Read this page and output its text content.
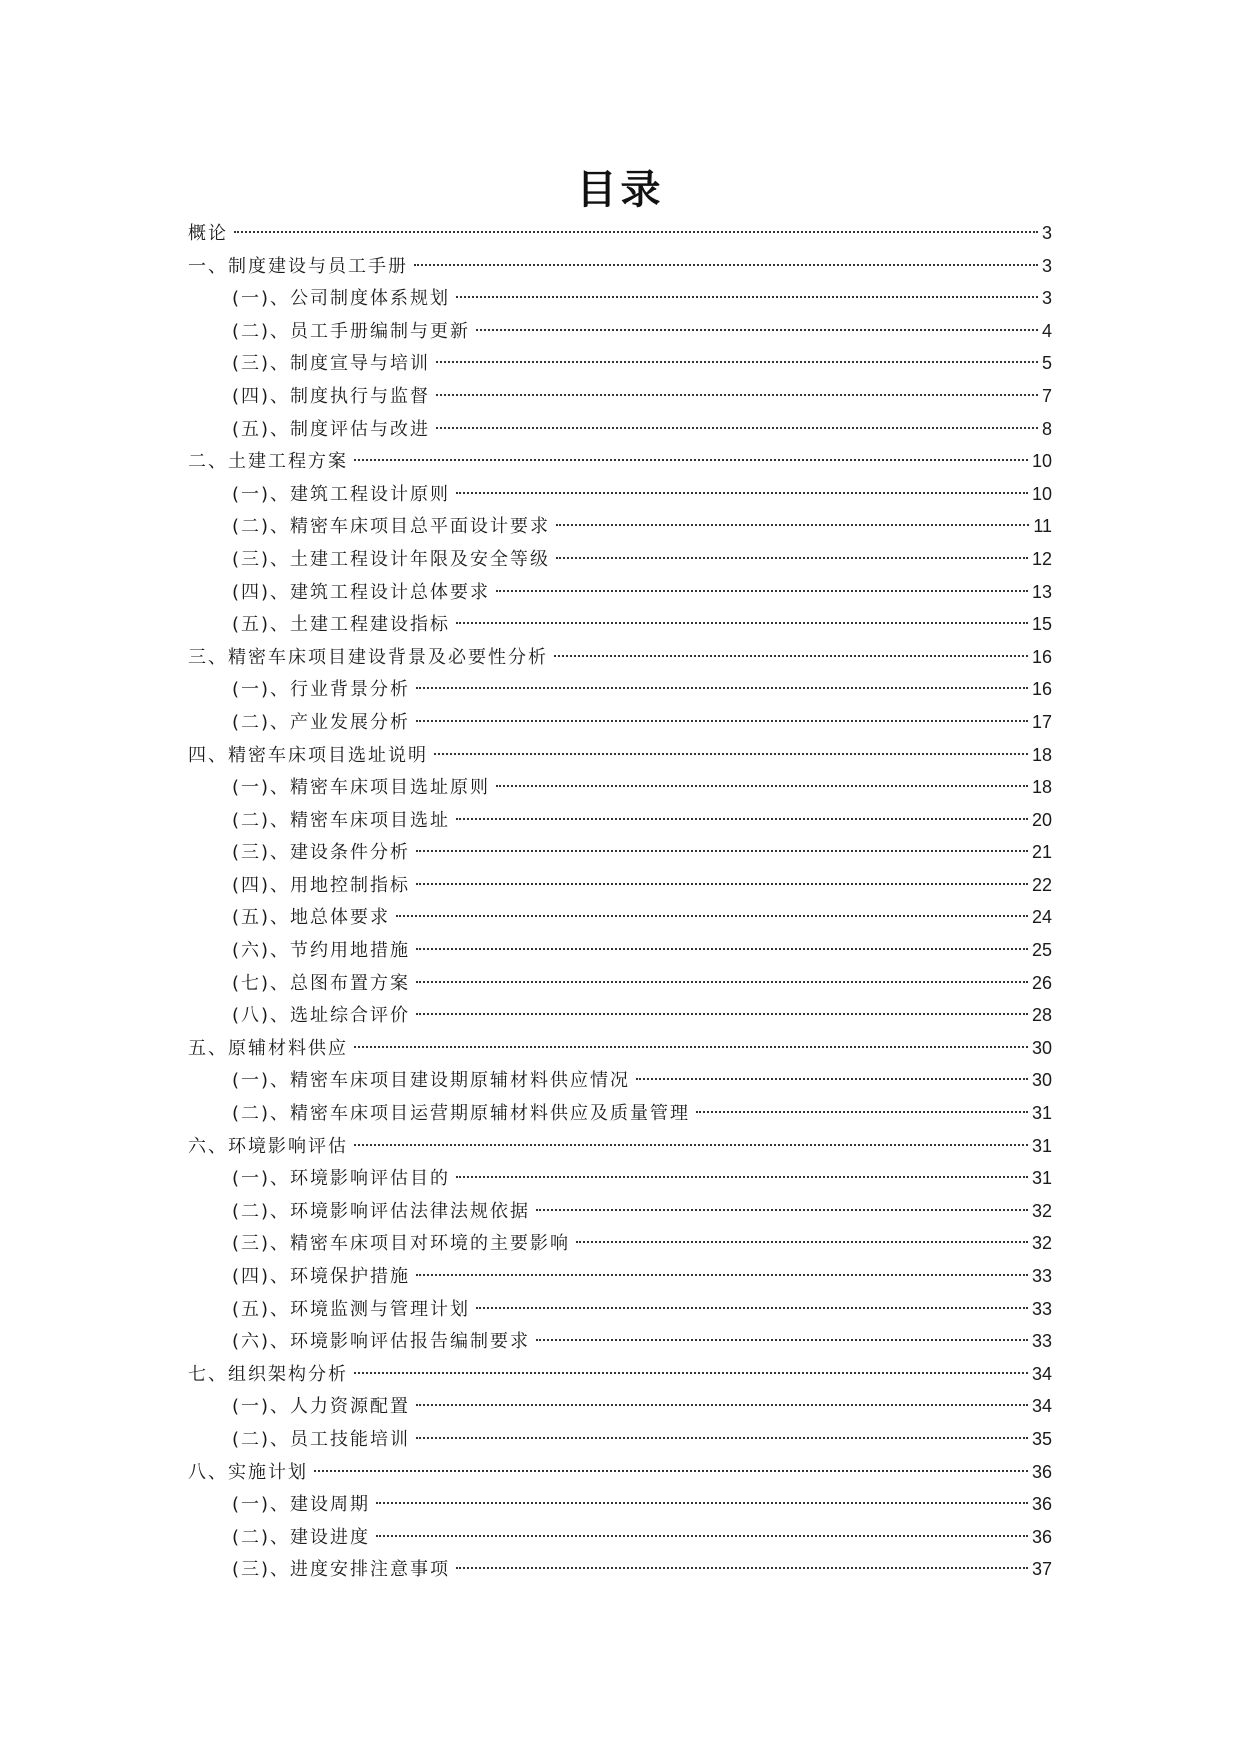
目录
概论	3
一、制度建设与员工手册	3
(一)、公司制度体系规划	3
(二)、员工手册编制与更新	4
(三)、制度宣导与培训	5
(四)、制度执行与监督	7
(五)、制度评估与改进	8
二、土建工程方案	10
(一)、建筑工程设计原则	10
(二)、精密车床项目总平面设计要求	11
(三)、土建工程设计年限及安全等级	12
(四)、建筑工程设计总体要求	13
(五)、土建工程建设指标	15
三、精密车床项目建设背景及必要性分析	16
(一)、行业背景分析	16
(二)、产业发展分析	17
四、精密车床项目选址说明	18
(一)、精密车床项目选址原则	18
(二)、精密车床项目选址	20
(三)、建设条件分析	21
(四)、用地控制指标	22
(五)、地总体要求	24
(六)、节约用地措施	25
(七)、总图布置方案	26
(八)、选址综合评价	28
五、原辅材料供应	30
(一)、精密车床项目建设期原辅材料供应情况	30
(二)、精密车床项目运营期原辅材料供应及质量管理	31
六、环境影响评估	31
(一)、环境影响评估目的	31
(二)、环境影响评估法律法规依据	32
(三)、精密车床项目对环境的主要影响	32
(四)、环境保护措施	33
(五)、环境监测与管理计划	33
(六)、环境影响评估报告编制要求	33
七、组织架构分析	34
(一)、人力资源配置	34
(二)、员工技能培训	35
八、实施计划	36
(一)、建设周期	36
(二)、建设进度	36
(三)、进度安排注意事项	37
